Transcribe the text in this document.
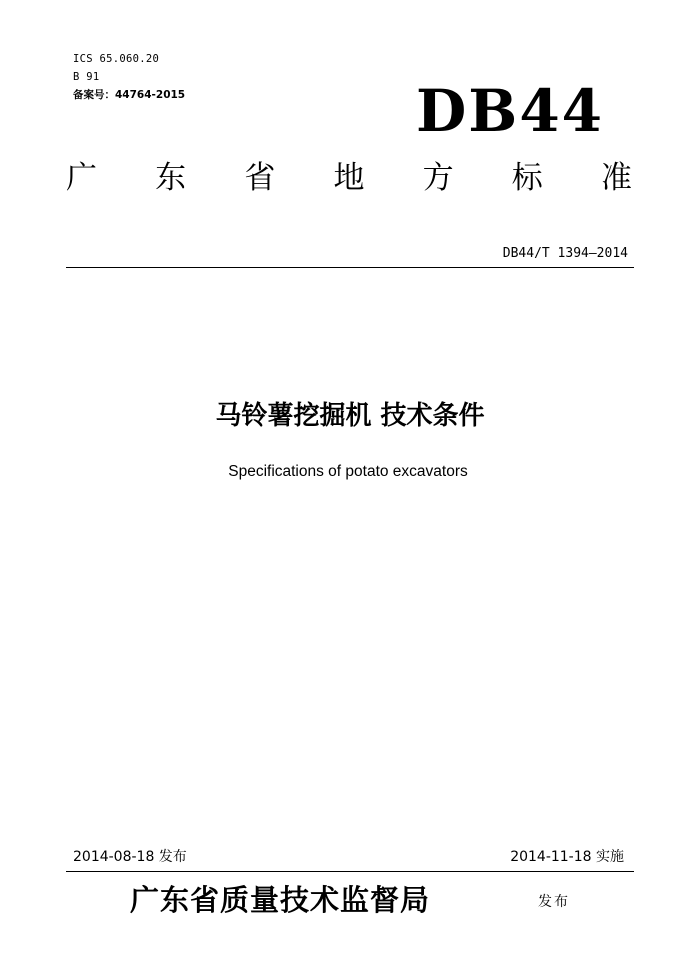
ICS 65.060.20
B 91
备案号：44764-2015	DB44
广 东 省 地 方 标 准
DB44/T 1394—2014
马铃薯挖掘机 技术条件
Specifications of potato excavators
2014-08-18 发布	2014-11-18 实施
广东省质量技术监督局	发布
